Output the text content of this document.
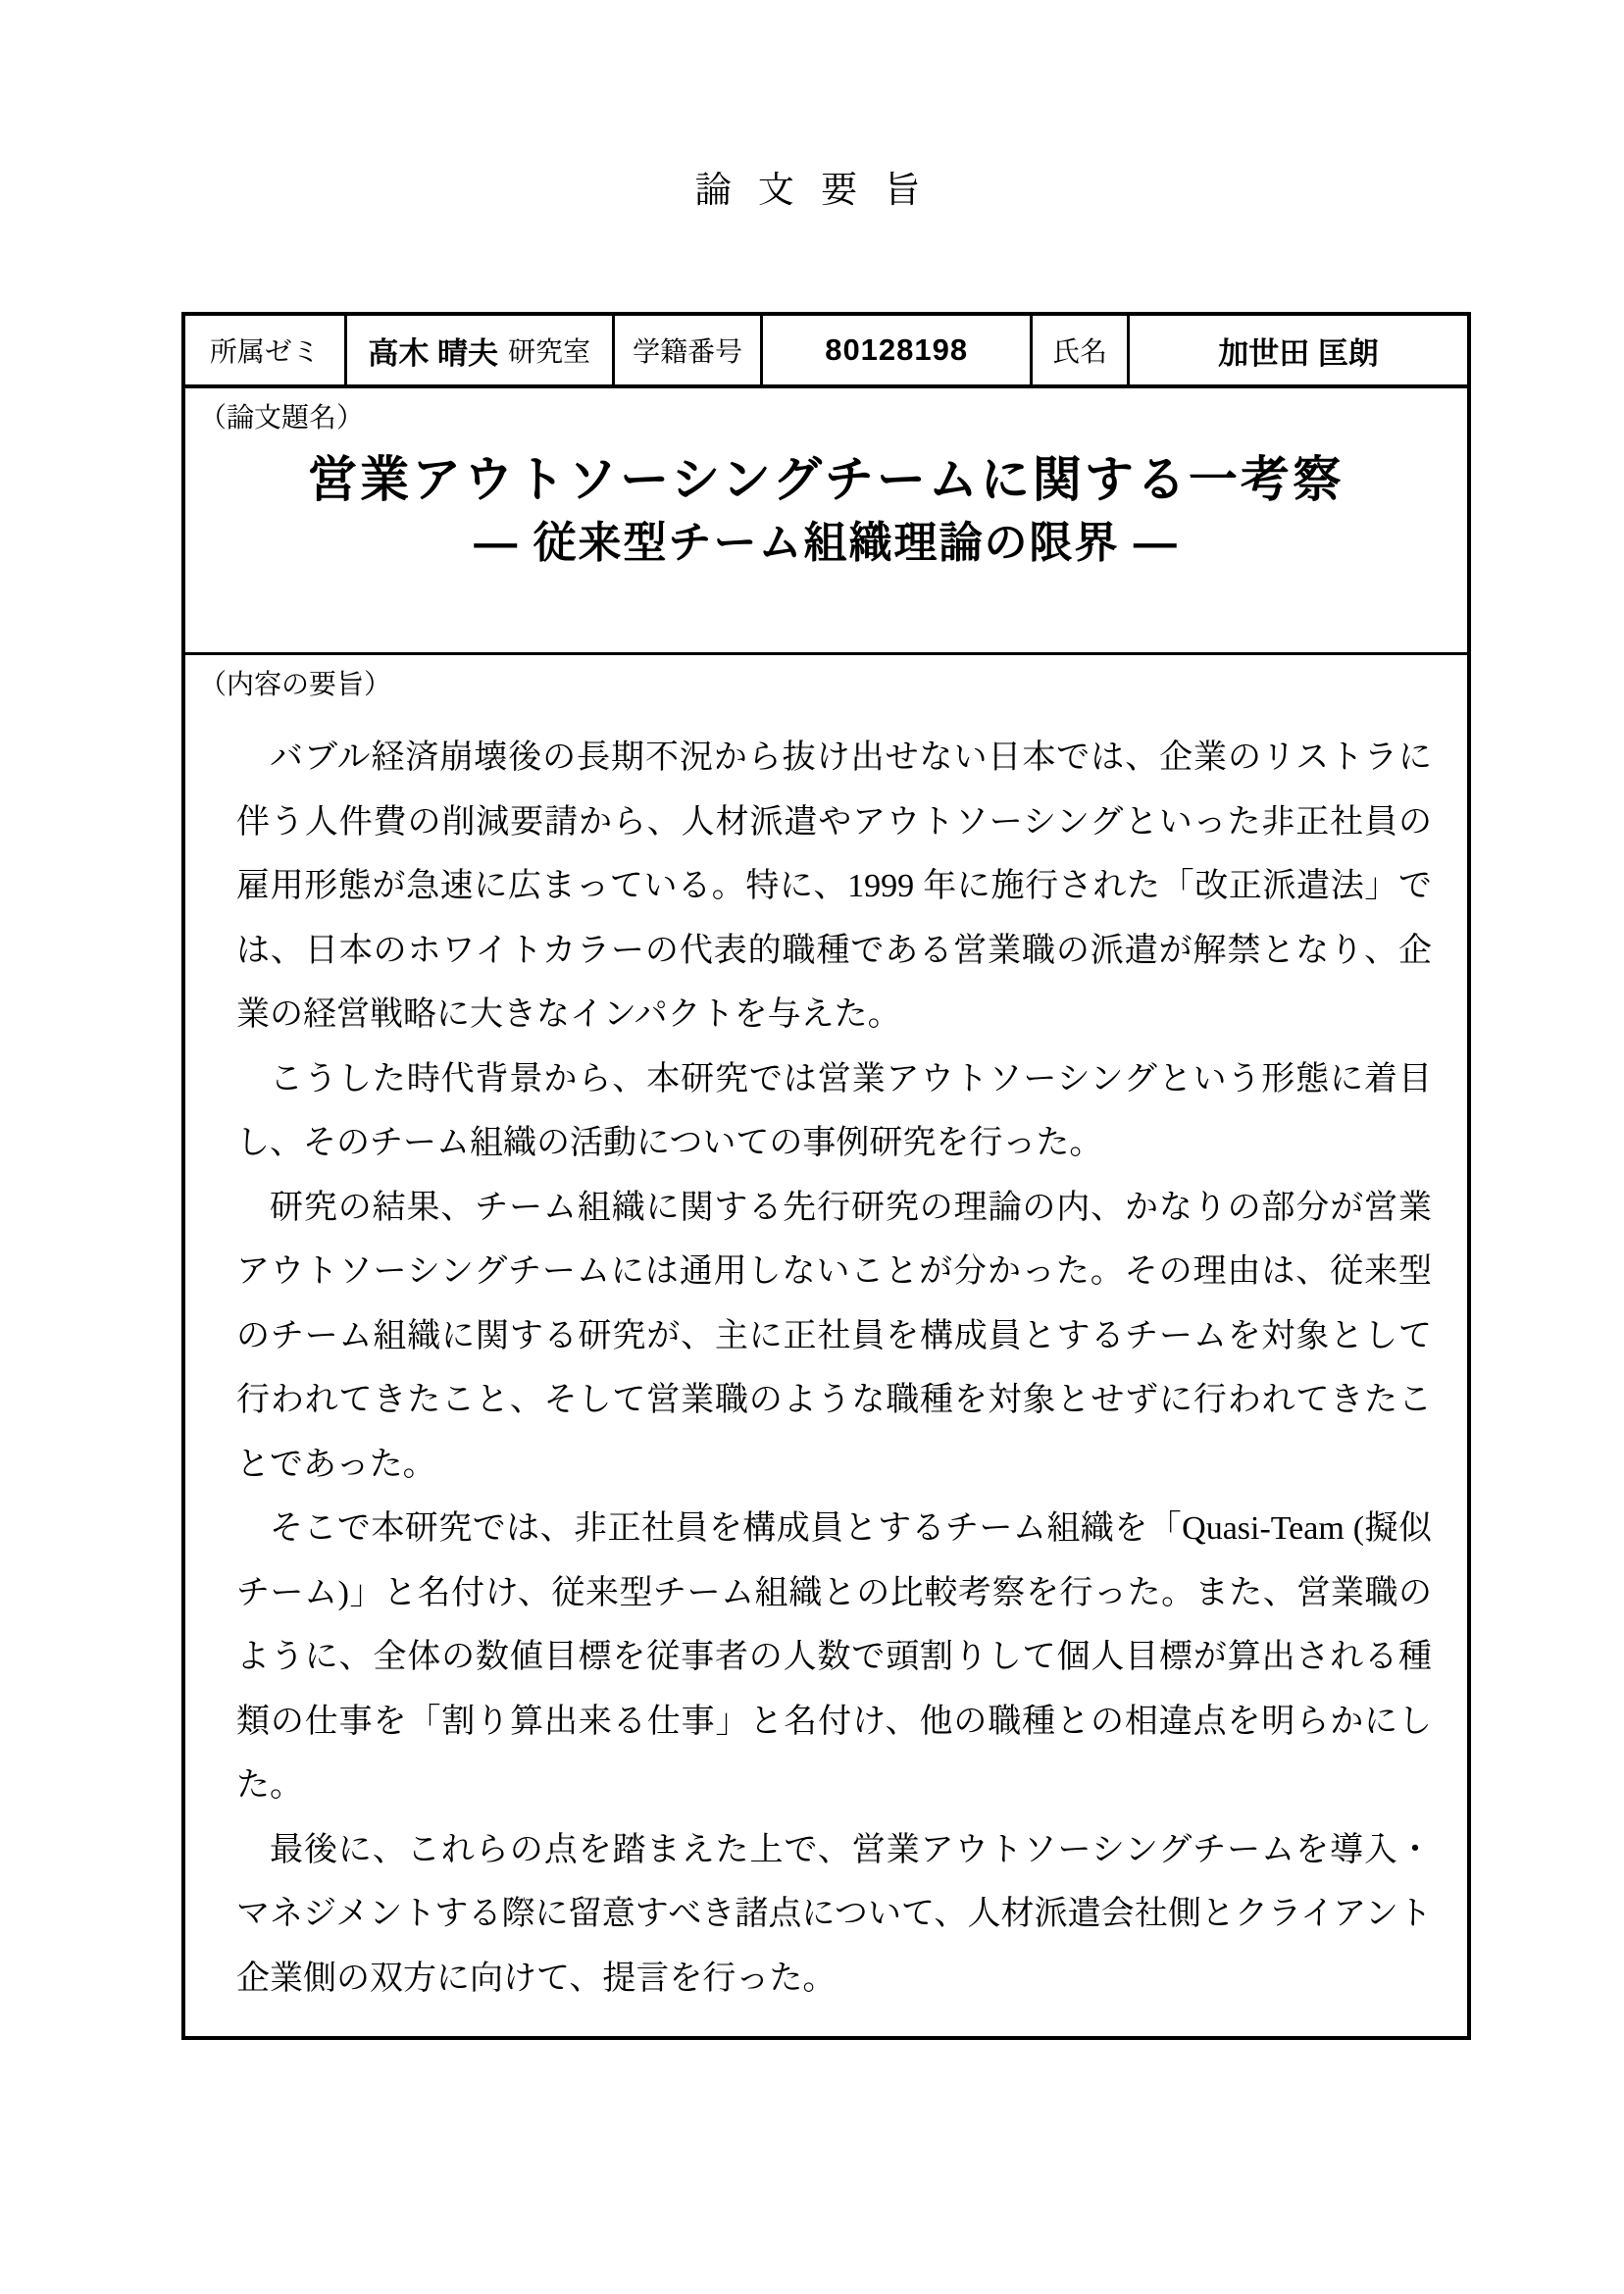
論 文 要 旨
所属ゼミ	高木 晴夫 研究室	学籍番号	80128198	氏名	加世田 匡朗
（論文題名）
営業アウトソーシングチームに関する一考察
― 従来型チーム組織理論の限界 ―
（内容の要旨）

バブル経済崩壊後の長期不況から抜け出せない日本では、企業のリストラに伴う人件費の削減要請から、人材派遣やアウトソーシングといった非正社員の雇用形態が急速に広まっている。特に、1999 年に施行された「改正派遣法」では、日本のホワイトカラーの代表的職種である営業職の派遣が解禁となり、企業の経営戦略に大きなインパクトを与えた。

こうした時代背景から、本研究では営業アウトソーシングという形態に着目し、そのチーム組織の活動についての事例研究を行った。

研究の結果、チーム組織に関する先行研究の理論の内、かなりの部分が営業アウトソーシングチームには通用しないことが分かった。その理由は、従来型のチーム組織に関する研究が、主に正社員を構成員とするチームを対象として行われてきたこと、そして営業職のような職種を対象とせずに行われてきたことであった。

そこで本研究では、非正社員を構成員とするチーム組織を「Quasi-Team (擬似チーム)」と名付け、従来型チーム組織との比較考察を行った。また、営業職のように、全体の数値目標を従事者の人数で頭割りして個人目標が算出される種類の仕事を「割り算出来る仕事」と名付け、他の職種との相違点を明らかにした。

最後に、これらの点を踏まえた上で、営業アウトソーシングチームを導入・マネジメントする際に留意すべき諸点について、人材派遣会社側とクライアント企業側の双方に向けて、提言を行った。
